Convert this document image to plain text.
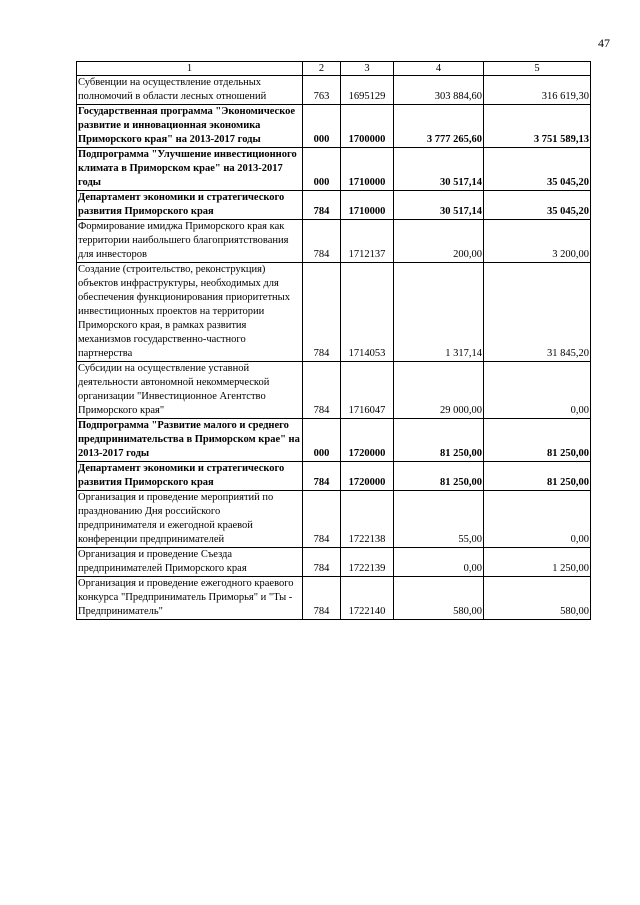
47
1	2	3	4	5
Субвенции на осуществление отдельных полномочий в области лесных отношений	763	1695129	303 884,60	316 619,30
Государственная программа "Экономическое развитие и инновационная экономика Приморского края" на 2013-2017 годы	000	1700000	3 777 265,60	3 751 589,13
Подпрограмма "Улучшение инвестиционного климата в Приморском крае" на 2013-2017 годы	000	1710000	30 517,14	35 045,20
Департамент экономики и стратегического развития Приморского края	784	1710000	30 517,14	35 045,20
Формирование имиджа Приморского края как территории наибольшего благоприятствования для инвесторов	784	1712137	200,00	3 200,00
Создание (строительство, реконструкция) объектов инфраструктуры, необходимых для обеспечения функционирования приоритетных инвестиционных проектов на территории Приморского края, в рамках развития механизмов государственно-частного партнерства	784	1714053	1 317,14	31 845,20
Субсидии на осуществление уставной деятельности автономной некоммерческой организации "Инвестиционное Агентство Приморского края"	784	1716047	29 000,00	0,00
Подпрограмма "Развитие малого и среднего предпринимательства в Приморском крае" на 2013-2017 годы	000	1720000	81 250,00	81 250,00
Департамент экономики и стратегического развития Приморского края	784	1720000	81 250,00	81 250,00
Организация и проведение мероприятий по празднованию Дня российского предпринимателя и ежегодной краевой конференции предпринимателей	784	1722138	55,00	0,00
Организация и проведение Съезда предпринимателей Приморского края	784	1722139	0,00	1 250,00
Организация и проведение ежегодного краевого конкурса "Предприниматель Приморья" и "Ты - Предприниматель"	784	1722140	580,00	580,00
